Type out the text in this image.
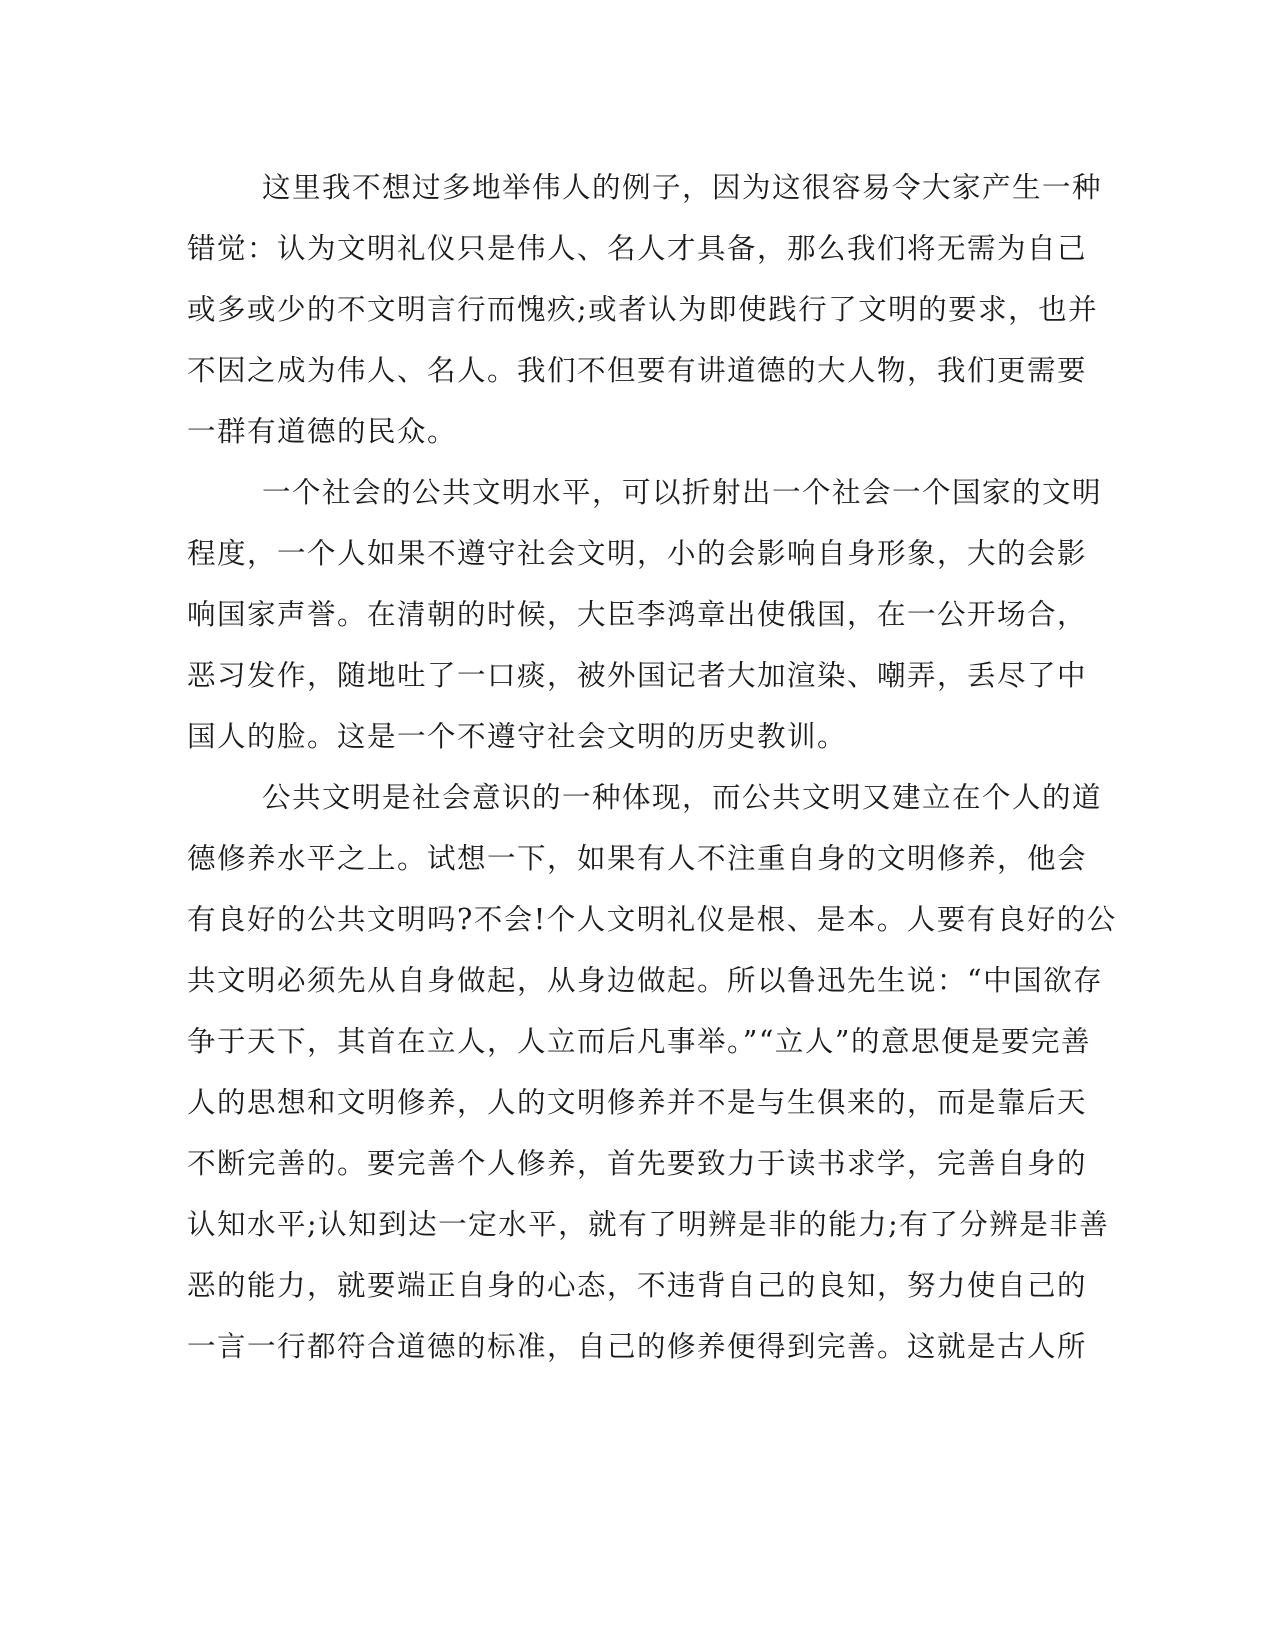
这里我不想过多地举伟人的例子，因为这很容易令大家产生一种
错觉：认为文明礼仪只是伟人、名人才具备，那么我们将无需为自己
或多或少的不文明言行而愧疚;或者认为即使践行了文明的要求，也并
不因之成为伟人、名人。我们不但要有讲道德的大人物，我们更需要
一群有道德的民众。

一个社会的公共文明水平，可以折射出一个社会一个国家的文明
程度，一个人如果不遵守社会文明，小的会影响自身形象，大的会影
响国家声誉。在清朝的时候，大臣李鸿章出使俄国，在一公开场合，
恶习发作，随地吐了一口痰，被外国记者大加渲染、嘲弄，丢尽了中
国人的脸。这是一个不遵守社会文明的历史教训。

公共文明是社会意识的一种体现，而公共文明又建立在个人的道
德修养水平之上。试想一下，如果有人不注重自身的文明修养，他会
有良好的公共文明吗?不会!个人文明礼仪是根、是本。人要有良好的公
共文明必须先从自身做起，从身边做起。所以鲁迅先生说：“中国欲存
争于天下，其首在立人，人立而后凡事举。”“立人”的意思便是要完善
人的思想和文明修养，人的文明修养并不是与生俱来的，而是靠后天
不断完善的。要完善个人修养，首先要致力于读书求学，完善自身的
认知水平;认知到达一定水平，就有了明辨是非的能力;有了分辨是非善
恶的能力，就要端正自身的心态，不违背自己的良知，努力使自己的
一言一行都符合道德的标准，自己的修养便得到完善。这就是古人所
